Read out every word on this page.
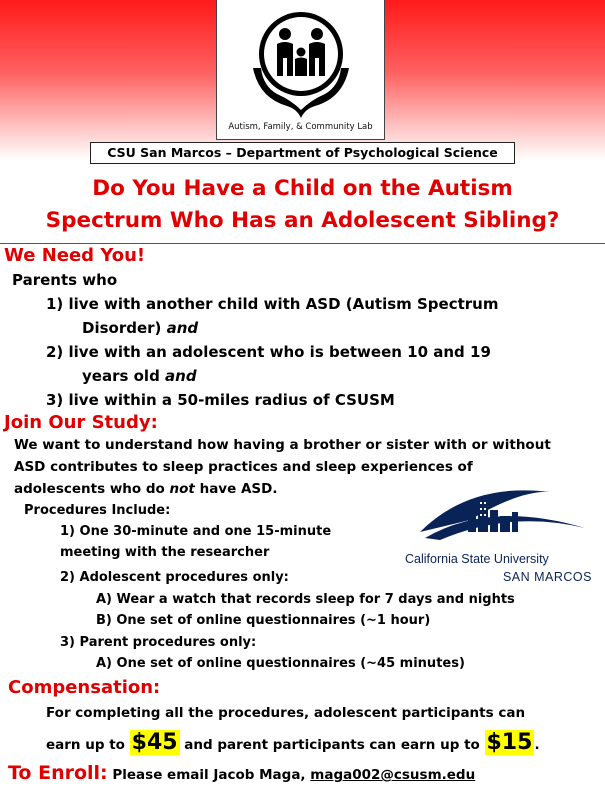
Autism, Family, & Community Lab
CSU San Marcos – Department of Psychological Science
Do You Have a Child on the Autism
Spectrum Who Has an Adolescent Sibling?
We Need You!
Parents who
1) live with another child with ASD (Autism Spectrum
Disorder) and
2) live with an adolescent who is between 10 and 19
years old and
3) live within a 50-miles radius of CSUSM
Join Our Study:
We want to understand how having a brother or sister with or without
ASD contributes to sleep practices and sleep experiences of
adolescents who do not have ASD.
Procedures Include:
1) One 30-minute and one 15-minute
meeting with the researcher
2) Adolescent procedures only:
A) Wear a watch that records sleep for 7 days and nights
B) One set of online questionnaires (~1 hour)
3) Parent procedures only:
A) One set of online questionnaires (~45 minutes)
California State University
SAN MARCOS
Compensation:
For completing all the procedures, adolescent participants can
earn up to $45 and parent participants can earn up to $15 .
To Enroll: Please email Jacob Maga, maga002@csusm.edu
